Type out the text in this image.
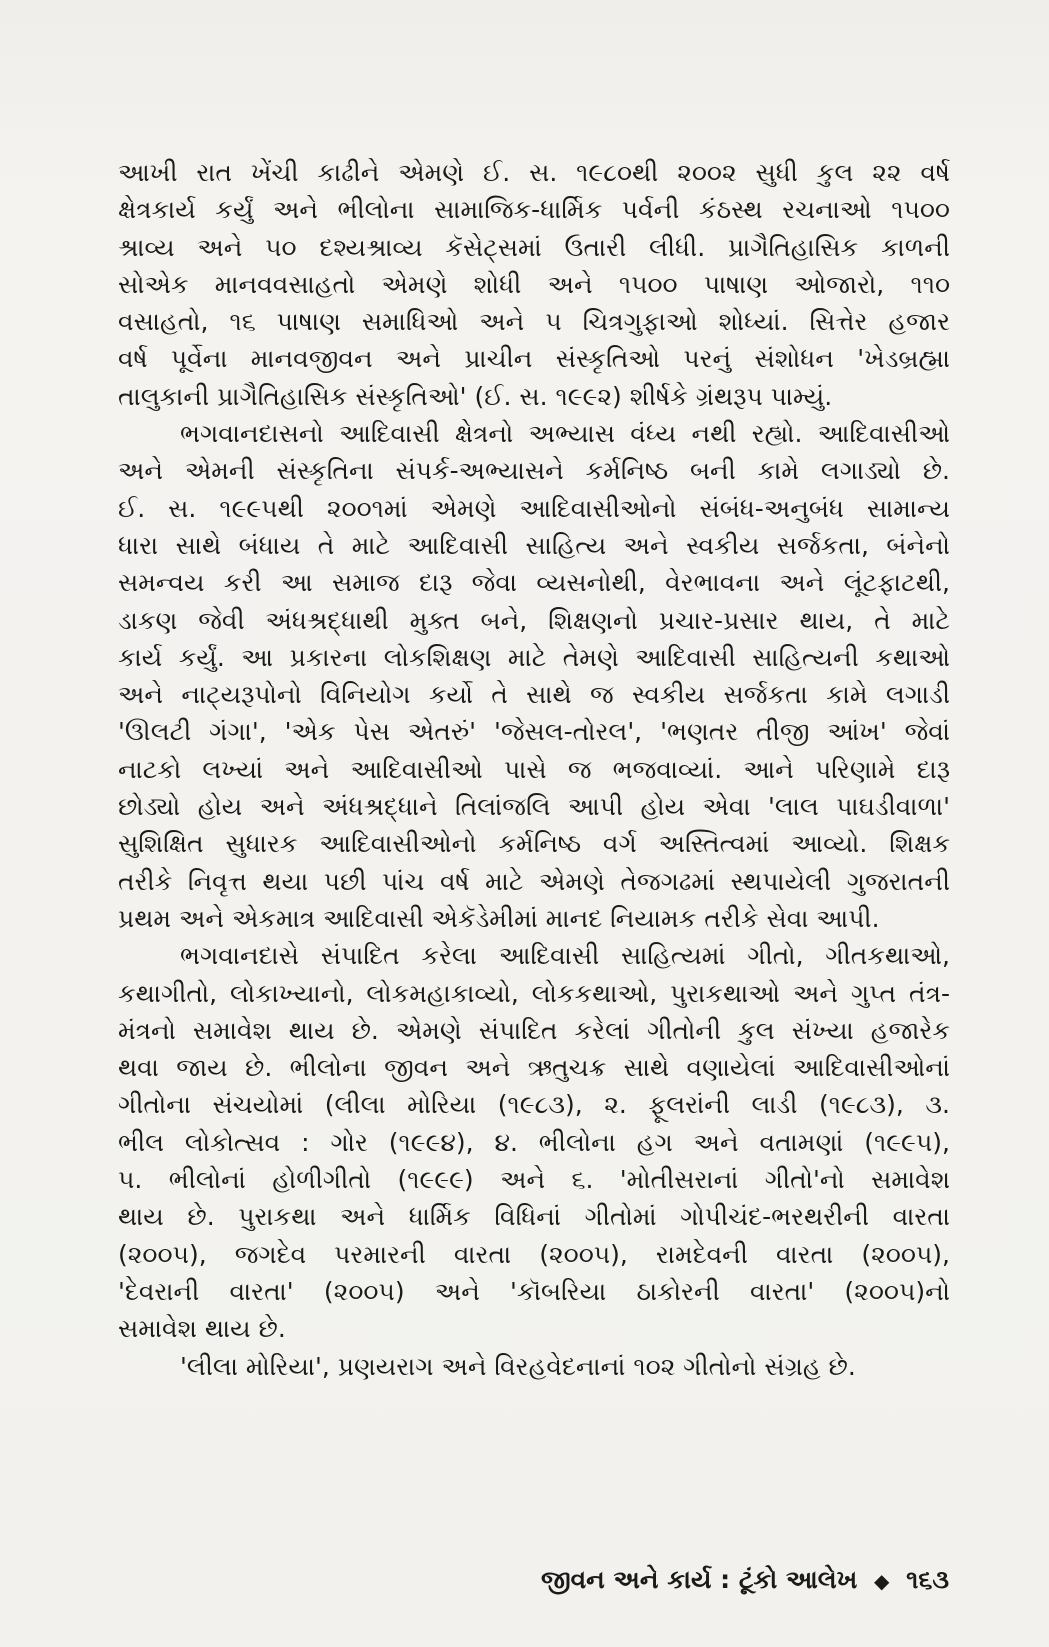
આખી રાત ખેંચી કાઢીને એમણે ઈ. સ. ૧૯૮૦થી ૨૦૦૨ સુધી કુલ ૨૨ વર્ષ
ક્ષેત્રકાર્ય કર્યું અને ભીલોના સામાજિક-ધાર્મિક પર્વની કંઠસ્થ રચનાઓ ૧૫૦૦
શ્રાવ્ય અને ૫૦ દશ્યશ્રાવ્ય કૅસેટ્સમાં ઉતારી લીધી. પ્રાગૈતિહાસિક કાળની
સોએક માનવવસાહતો એમણે શોધી અને ૧૫૦૦ પાષાણ ઓજારો, ૧૧૦
વસાહતો, ૧૬ પાષાણ સમાધિઓ અને ૫ ચિત્રગુફાઓ શોધ્યાં. સિત્તેર હજાર
વર્ષ પૂર્વેના માનવજીવન અને પ્રાચીન સંસ્કૃતિઓ પરનું સંશોધન 'ખેડબ્રહ્મા
તાલુકાની પ્રાગૈતિહાસિક સંસ્કૃતિઓ' (ઈ. સ. ૧૯૯૨) શીર્ષકે ગ્રંથરૂપ પામ્યું.
ભગવાનદાસનો આદિવાસી ક્ષેત્રનો અભ્યાસ વંધ્ય નથી રહ્યો. આદિવાસીઓ
અને એમની સંસ્કૃતિના સંપર્ક-અભ્યાસને કર્મનિષ્ઠ બની કામે લગાડ્યો છે.
ઈ. સ. ૧૯૯૫થી ૨૦૦૧માં એમણે આદિવાસીઓનો સંબંધ-અનુબંધ સામાન્ય
ધારા સાથે બંધાય તે માટે આદિવાસી સાહિત્ય અને સ્વકીય સર્જકતા, બંનેનો
સમન્વય કરી આ સમાજ દારૂ જેવા વ્યસનોથી, વેરભાવના અને લૂંટફાટથી,
ડાકણ જેવી અંધશ્રદ્ધાથી મુક્ત બને, શિક્ષણનો પ્રચાર-પ્રસાર થાય, તે માટે
કાર્ય કર્યું. આ પ્રકારના લોકશિક્ષણ માટે તેમણે આદિવાસી સાહિત્યની કથાઓ
અને નાટ્યરૂપોનો વિનિયોગ કર્યો તે સાથે જ સ્વકીય સર્જકતા કામે લગાડી
'ઊલટી ગંગા', 'એક પેસ એતરું' 'જેસલ-તોરલ', 'ભણતર તીજી આંખ' જેવાં
નાટકો લખ્યાં અને આદિવાસીઓ પાસે જ ભજવાવ્યાં. આને પરિણામે દારૂ
છોડ્યો હોય અને અંધશ્રદ્ધાને તિલાંજલિ આપી હોય એવા 'લાલ પાઘડીવાળા'
સુશિક્ષિત સુધારક આદિવાસીઓનો કર્મનિષ્ઠ વર્ગ અસ્તિત્વમાં આવ્યો. શિક્ષક
તરીકે નિવૃત્ત થયા પછી પાંચ વર્ષ માટે એમણે તેજગઢમાં સ્થપાયેલી ગુજરાતની
પ્રથમ અને એકમાત્ર આદિવાસી એકૅડેમીમાં માનદ નિયામક તરીકે સેવા આપી.
ભગવાનદાસે સંપાદિત કરેલા આદિવાસી સાહિત્યમાં ગીતો, ગીતકથાઓ,
કથાગીતો, લોકાખ્યાનો, લોકમહાકાવ્યો, લોકકથાઓ, પુરાકથાઓ અને ગુપ્ત તંત્ર-
મંત્રનો સમાવેશ થાય છે. એમણે સંપાદિત કરેલાં ગીતોની કુલ સંખ્યા હજારેક
થવા જાય છે. ભીલોના જીવન અને ઋતુચક્ર સાથે વણાયેલાં આદિવાસીઓનાં
ગીતોના સંચયોમાં (લીલા મોરિયા (૧૯૮૩), ૨. ફૂલરાંની લાડી (૧૯૮૩), ૩.
ભીલ લોકોત્સવ : ગોર (૧૯૯૪), ૪. ભીલોના હગ અને વતામણાં (૧૯૯૫),
૫. ભીલોનાં હોળીગીતો (૧૯૯૯) અને ૬. 'મોતીસરાનાં ગીતો'નો સમાવેશ
થાય છે. પુરાકથા અને ધાર્મિક વિધિનાં ગીતોમાં ગોપીચંદ-ભરથરીની વારતા
(૨૦૦૫), જગદેવ પરમારની વારતા (૨૦૦૫), રામદેવની વારતા (૨૦૦૫),
'દેવરાની વારતા' (૨૦૦૫) અને 'કૉબરિયા ઠાકોરની વારતા' (૨૦૦૫)નો
સમાવેશ થાય છે.
'લીલા મોરિયા', પ્રણયરાગ અને વિરહવેદનાનાં ૧૦૨ ગીતોનો સંગ્રહ છે.
જીવન અને કાર્ય : ટૂંકો આલેખ ◆ ૧૬૩
